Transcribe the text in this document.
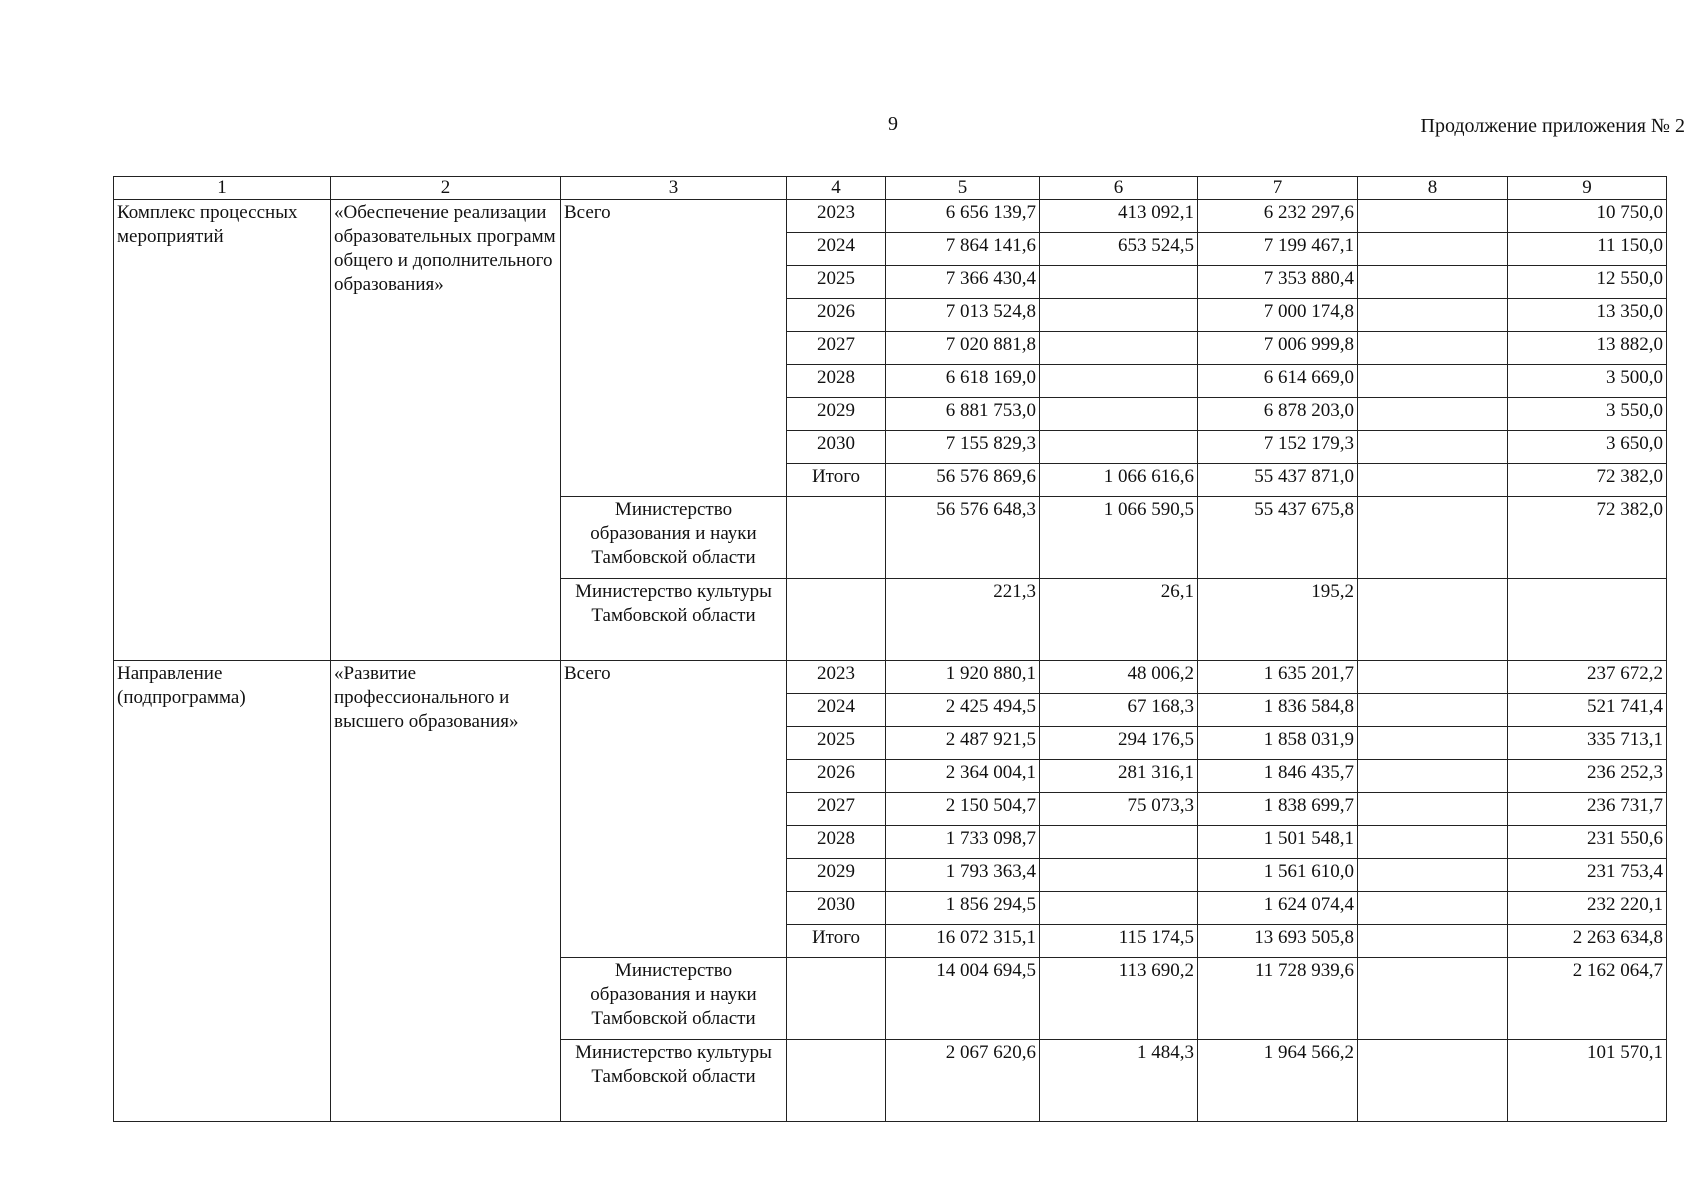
9	Продолжение приложения № 2
1	2	3	4	5	6	7	8	9
Комплекс процессных мероприятий	«Обеспечение реализации образовательных программ общего и дополнительного образования»	Всего	2023	6 656 139,7	413 092,1	6 232 297,6		10 750,0
			2024	7 864 141,6	653 524,5	7 199 467,1		11 150,0
			2025	7 366 430,4		7 353 880,4		12 550,0
			2026	7 013 524,8		7 000 174,8		13 350,0
			2027	7 020 881,8		7 006 999,8		13 882,0
			2028	6 618 169,0		6 614 669,0		3 500,0
			2029	6 881 753,0		6 878 203,0		3 550,0
			2030	7 155 829,3		7 152 179,3		3 650,0
			Итого	56 576 869,6	1 066 616,6	55 437 871,0		72 382,0
		Министерство образования и науки Тамбовской области		56 576 648,3	1 066 590,5	55 437 675,8		72 382,0
		Министерство культуры Тамбовской области		221,3	26,1	195,2		
Направление (подпрограмма)	«Развитие профессионального и высшего образования»	Всего	2023	1 920 880,1	48 006,2	1 635 201,7		237 672,2
			2024	2 425 494,5	67 168,3	1 836 584,8		521 741,4
			2025	2 487 921,5	294 176,5	1 858 031,9		335 713,1
			2026	2 364 004,1	281 316,1	1 846 435,7		236 252,3
			2027	2 150 504,7	75 073,3	1 838 699,7		236 731,7
			2028	1 733 098,7		1 501 548,1		231 550,6
			2029	1 793 363,4		1 561 610,0		231 753,4
			2030	1 856 294,5		1 624 074,4		232 220,1
			Итого	16 072 315,1	115 174,5	13 693 505,8		2 263 634,8
		Министерство образования и науки Тамбовской области		14 004 694,5	113 690,2	11 728 939,6		2 162 064,7
		Министерство культуры Тамбовской области		2 067 620,6	1 484,3	1 964 566,2		101 570,1
